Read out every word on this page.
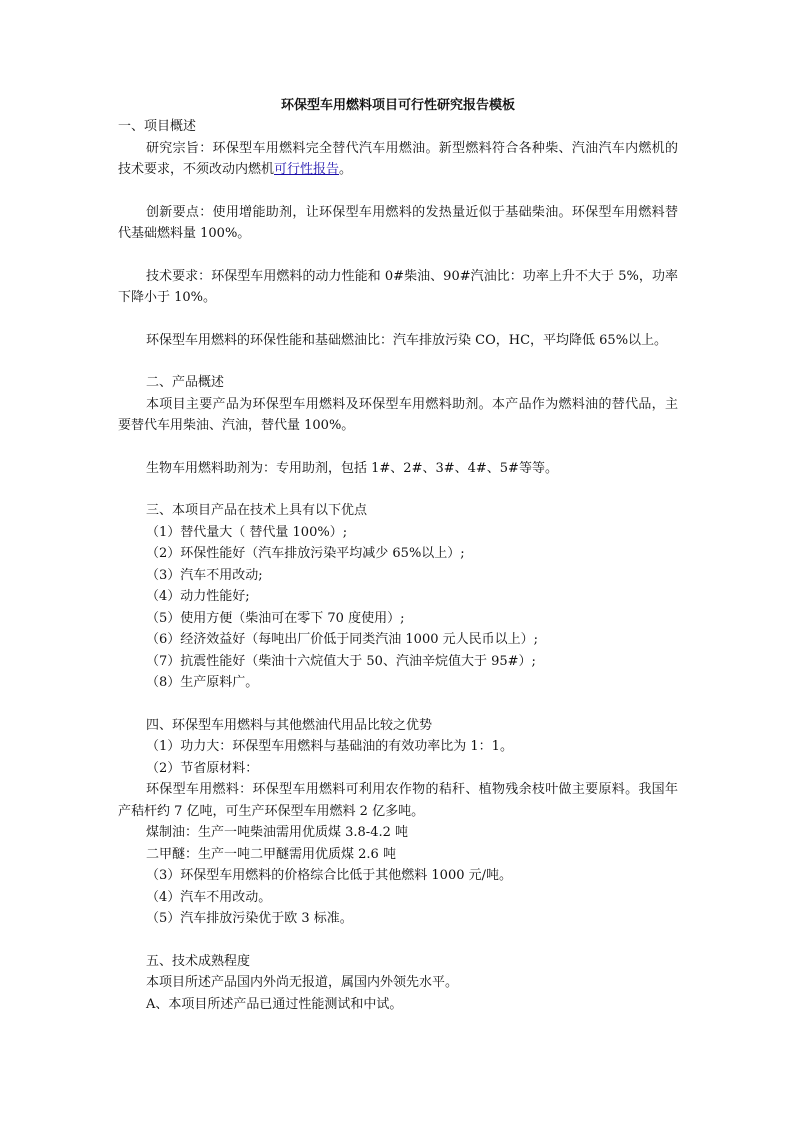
环保型车用燃料项目可行性研究报告模板

一、项目概述

研究宗旨：环保型车用燃料完全替代汽车用燃油。新型燃料符合各种柴、汽油汽车内燃机的技术要求，不须改动内燃机可行性报告。

创新要点：使用增能助剂，让环保型车用燃料的发热量近似于基础柴油。环保型车用燃料替代基础燃料量 100%。

技术要求：环保型车用燃料的动力性能和 0#柴油、90#汽油比：功率上升不大于 5%，功率下降小于 10%。

环保型车用燃料的环保性能和基础燃油比：汽车排放污染 CO，HC，平均降低 65%以上。

二、产品概述

本项目主要产品为环保型车用燃料及环保型车用燃料助剂。本产品作为燃料油的替代品，主要替代车用柴油、汽油，替代量 100%。

生物车用燃料助剂为：专用助剂，包括 1#、2#、3#、4#、5#等等。

三、本项目产品在技术上具有以下优点

（1）替代量大（ 替代量 100%）;

（2）环保性能好（汽车排放污染平均减少 65%以上）;

（3）汽车不用改动;

（4）动力性能好;

（5）使用方便（柴油可在零下 70 度使用）;

（6）经济效益好（每吨出厂价低于同类汽油 1000 元人民币以上）;

（7）抗震性能好（柴油十六烷值大于 50、汽油辛烷值大于 95#）;

（8）生产原料广。

四、环保型车用燃料与其他燃油代用品比较之优势

（1）功力大：环保型车用燃料与基础油的有效功率比为 1：1。

（2）节省原材料：

环保型车用燃料：环保型车用燃料可利用农作物的秸秆、植物残余枝叶做主要原料。我国年产秸杆约 7 亿吨，可生产环保型车用燃料 2 亿多吨。

煤制油：生产一吨柴油需用优质煤 3.8-4.2 吨

二甲醚：生产一吨二甲醚需用优质煤 2.6 吨

（3）环保型车用燃料的价格综合比低于其他燃料 1000 元/吨。

（4）汽车不用改动。

（5）汽车排放污染优于欧 3 标准。

五、技术成熟程度

本项目所述产品国内外尚无报道，属国内外领先水平。

A、本项目所述产品已通过性能测试和中试。
